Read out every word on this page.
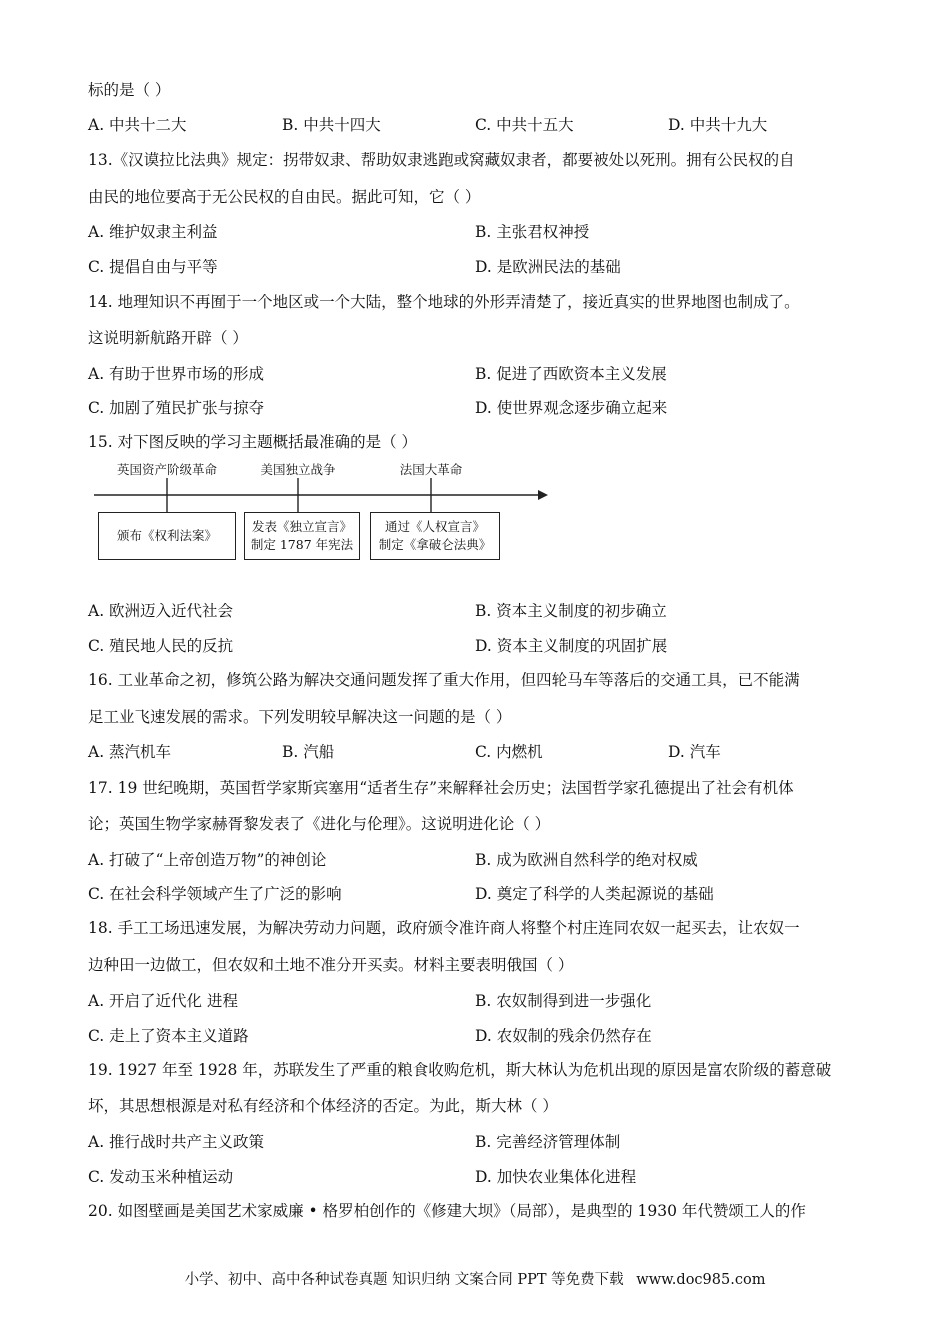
标的是（ ）
A. 中共十二大	B. 中共十四大	C. 中共十五大	D. 中共十九大
13.《汉谟拉比法典》规定：拐带奴隶、帮助奴隶逃跑或窝藏奴隶者，都要被处以死刑。拥有公民权的自
由民的地位要高于无公民权的自由民。据此可知，它（ ）
A. 维护奴隶主利益	B. 主张君权神授
C. 提倡自由与平等	D. 是欧洲民法的基础
14. 地理知识不再囿于一个地区或一个大陆，整个地球的外形弄清楚了，接近真实的世界地图也制成了。
这说明新航路开辟（ ）
A. 有助于世界市场的形成	B. 促进了西欧资本主义发展
C. 加剧了殖民扩张与掠夺	D. 使世界观念逐步确立起来
15. 对下图反映的学习主题概括最准确的是（ ）
英国资产阶级革命	美国独立战争	法国大革命
颁布《权利法案》
发表《独立宣言》
制定 1787 年宪法
通过《人权宣言》
制定《拿破仑法典》
A. 欧洲迈入近代社会	B. 资本主义制度的初步确立
C. 殖民地人民的反抗	D. 资本主义制度的巩固扩展
16. 工业革命之初，修筑公路为解决交通问题发挥了重大作用，但四轮马车等落后的交通工具，已不能满
足工业飞速发展的需求。下列发明较早解决这一问题的是（ ）
A. 蒸汽机车	B. 汽船	C. 内燃机	D. 汽车
17. 19 世纪晚期，英国哲学家斯宾塞用“适者生存”来解释社会历史；法国哲学家孔德提出了社会有机体
论；英国生物学家赫胥黎发表了《进化与伦理》。这说明进化论（ ）
A. 打破了“上帝创造万物”的神创论	B. 成为欧洲自然科学的绝对权威
C. 在社会科学领域产生了广泛的影响	D. 奠定了科学的人类起源说的基础
18. 手工工场迅速发展，为解决劳动力问题，政府颁令准许商人将整个村庄连同农奴一起买去，让农奴一
边种田一边做工，但农奴和土地不准分开买卖。材料主要表明俄国（ ）
A. 开启了近代化 进程	B. 农奴制得到进一步强化
C. 走上了资本主义道路	D. 农奴制的残余仍然存在
19. 1927 年至 1928 年，苏联发生了严重的粮食收购危机，斯大林认为危机出现的原因是富农阶级的蓄意破
坏，其思想根源是对私有经济和个体经济的否定。为此，斯大林（ ）
A. 推行战时共产主义政策	B. 完善经济管理体制
C. 发动玉米种植运动	D. 加快农业集体化进程
20. 如图壁画是美国艺术家威廉 • 格罗柏创作的《修建大坝》（局部），是典型的 1930 年代赞颂工人的作
小学、初中、高中各种试卷真题 知识归纳 文案合同 PPT 等免费下载 www.doc985.com
